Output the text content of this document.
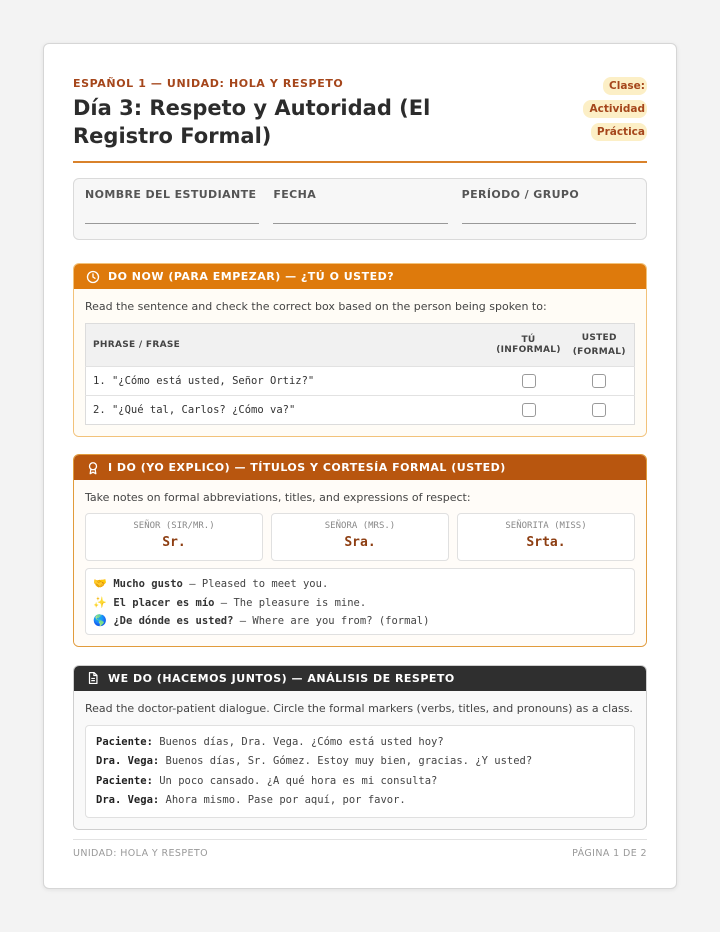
ESPAÑOL 1 — UNIDAD: HOLA Y RESPETO
Día 3: Respeto y Autoridad (El Registro Formal)
Clase: Actividad Práctica
NOMBRE DEL ESTUDIANTE FECHA	PERÍODO / GRUPO
DO NOW (PARA EMPEZAR) — ¿TÚ O USTED?
Read the sentence and check the correct box based on the person being spoken to:
PHRASE / FRASE	TÚ (INFORMAL)	USTED (FORMAL)
1. "¿Cómo está usted, Señor Ortiz?"		
2. "¿Qué tal, Carlos? ¿Cómo va?"		
I DO (YO EXPLICO) — TÍTULOS Y CORTESÍA FORMAL (USTED)
Take notes on formal abbreviations, titles, and expressions of respect:
SEÑOR (SIR/MR.)
Sr.
SEÑORA (MRS.)
Sra.
SEÑORITA (MISS)
Srta.
🤝 Mucho gusto — Pleased to meet you.
✨ El placer es mío — The pleasure is mine.
🌎 ¿De dónde es usted? — Where are you from? (formal)
WE DO (HACEMOS JUNTOS) — ANÁLISIS DE RESPETO
Read the doctor-patient dialogue. Circle the formal markers (verbs, titles, and pronouns) as a class.
Paciente: Buenos días, Dra. Vega. ¿Cómo está usted hoy?
Dra. Vega: Buenos días, Sr. Gómez. Estoy muy bien, gracias. ¿Y usted?
Paciente: Un poco cansado. ¿A qué hora es mi consulta?
Dra. Vega: Ahora mismo. Pase por aquí, por favor.
UNIDAD: HOLA Y RESPETO	PÁGINA 1 DE 2
